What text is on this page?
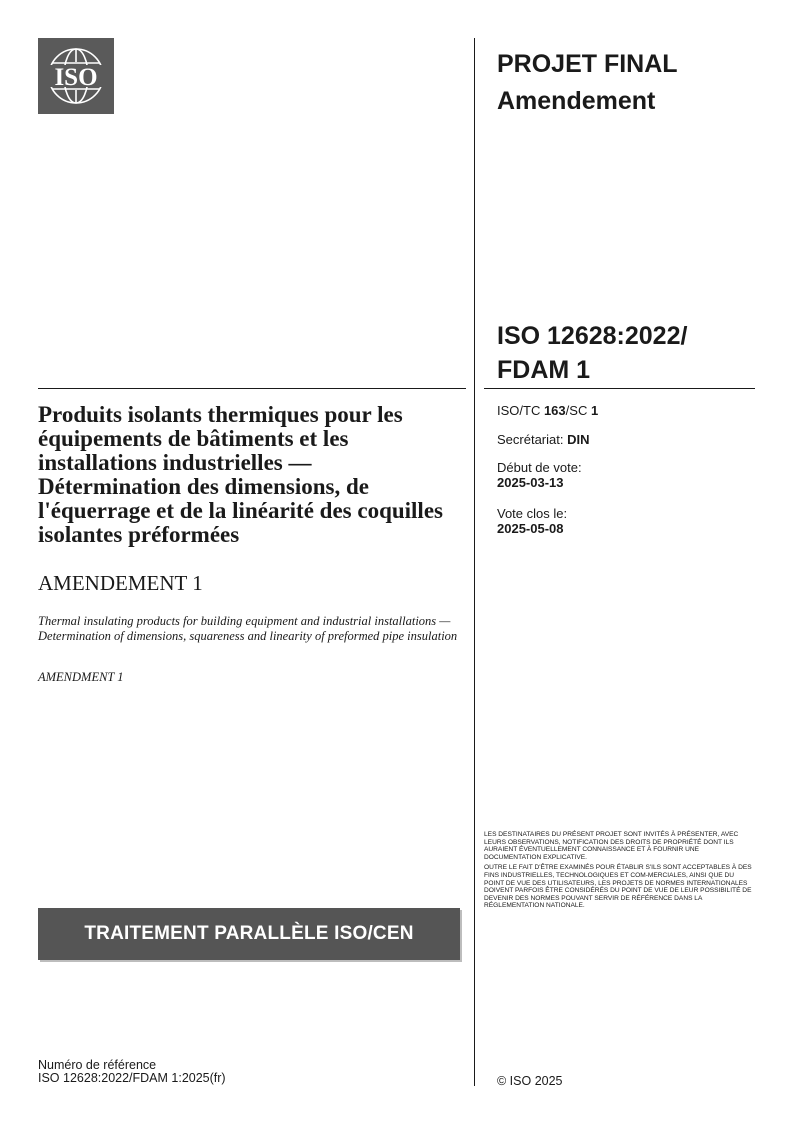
ISO	PROJET FINAL
Amendement
ISO 12628:2022/
FDAM 1
Produits isolants thermiques pour les équipements de bâtiments et les installations industrielles — Détermination des dimensions, de l'équerrage et de la linéarité des coquilles isolantes préformées
AMENDEMENT 1
Thermal insulating products for building equipment and industrial installations — Determination of dimensions, squareness and linearity of preformed pipe insulation
AMENDMENT 1
ISO/TC 163/SC 1
Secrétariat: DIN
Début de vote:
2025-03-13
Vote clos le:
2025-05-08

LES DESTINATAIRES DU PRÉSENT PROJET SONT INVITÉS À PRÉSENTER, AVEC LEURS OBSERVATIONS, NOTIFICATION DES DROITS DE PROPRIÉTÉ DONT ILS AURAIENT ÉVENTUELLEMENT CONNAISSANCE ET À FOURNIR UNE DOCUMENTATION EXPLICATIVE.

OUTRE LE FAIT D'ÊTRE EXAMINÉS POUR ÉTABLIR S'ILS SONT ACCEPTABLES À DES FINS INDUSTRIELLES, TECHNOLOGIQUES ET COM-MERCIALES, AINSI QUE DU POINT DE VUE DES UTILISATEURS, LES PROJETS DE NORMES INTERNATIONALES DOIVENT PARFOIS ÊTRE CONSIDÉRÉS DU POINT DE VUE DE LEUR POSSIBILITÉ DE DEVENIR DES NORMES POUVANT SERVIR DE RÉFÉRENCE DANS LA RÉGLEMENTATION NATIONALE.

TRAITEMENT PARALLÈLE ISO/CEN
Numéro de référence
ISO 12628:2022/FDAM 1:2025(fr)	© ISO 2025
